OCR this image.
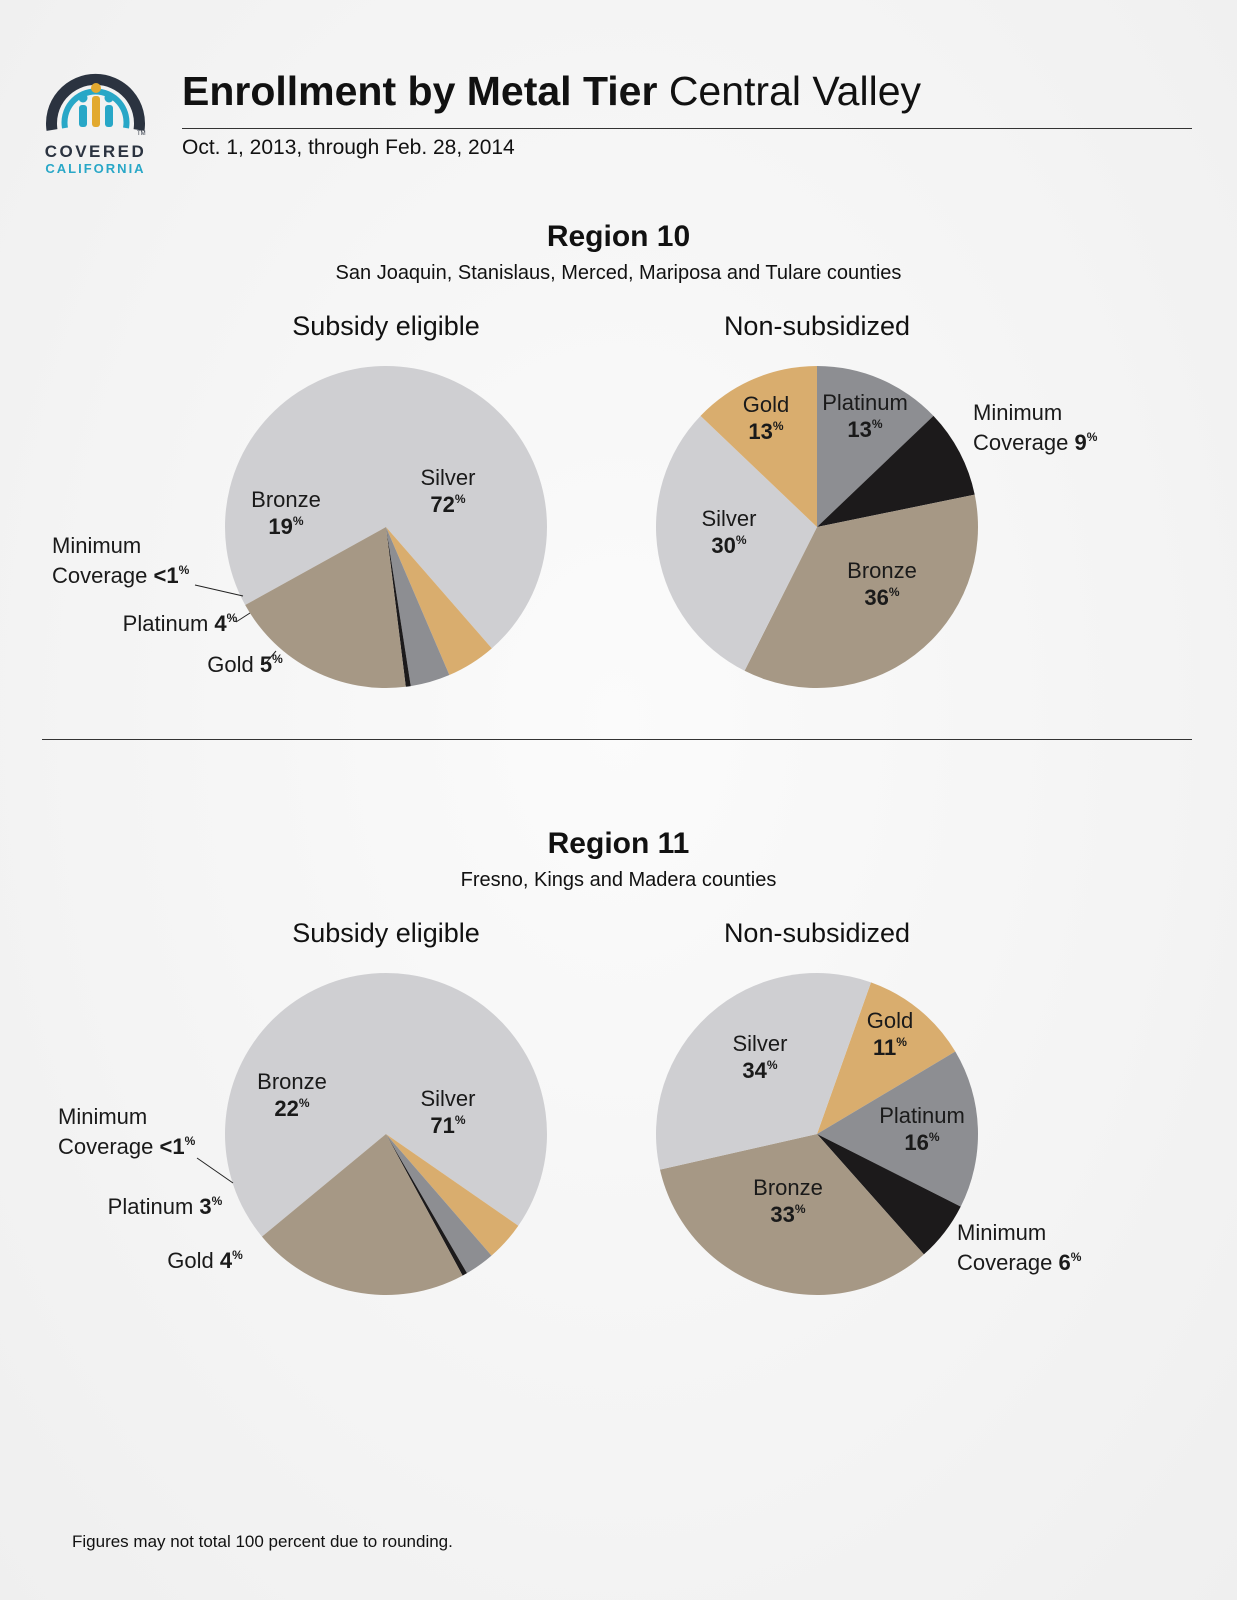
TM
COVERED
CALIFORNIA
Enrollment by Metal Tier Central Valley
Oct. 1, 2013, through Feb. 28, 2014
Region 10
San Joaquin, Stanislaus, Merced, Mariposa and Tulare counties
Subsidy eligible	Non-subsidized
Region 11
Fresno, Kings and Madera counties
Subsidy eligible	Non-subsidized
Silver 72%
Gold 5%
Platinum 4%
Minimum Coverage <1%
Bronze 19%
Platinum 13%	Minimum Coverage 9%
Bronze 36%
Silver 30%
Gold 13%
Silver 71%
Gold 4%
Platinum 3%
Minimum Coverage <1%
Bronze 22%
Gold 11%
Platinum 16%
Minimum Coverage 6%
Bronze 33%
Silver 34%
Figures may not total 100 percent due to rounding.
